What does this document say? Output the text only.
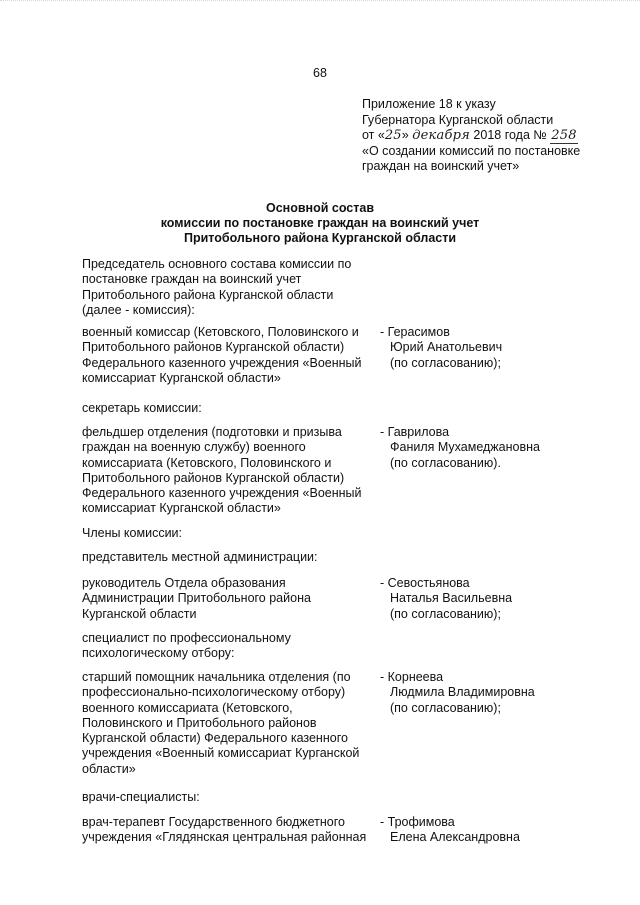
68
Приложение 18 к указу
Губернатора Курганской области
от «25» декабря 2018 года № 258
«О создании комиссий по постановке
граждан на воинский учет»
Основной состав
комиссии по постановке граждан на воинский учет
Притобольного района Курганской области
Председатель основного состава комиссии по
постановке граждан на воинский учет
Притобольного района Курганской области
(далее - комиссия):
военный комиссар (Кетовского, Половинского и
Притобольного районов Курганской области)
Федерального казенного учреждения «Военный
комиссариат Курганской области»
- Герасимов
Юрий Анатольевич
(по согласованию);
секретарь комиссии:
фельдшер отделения (подготовки и призыва
граждан на военную службу) военного
комиссариата (Кетовского, Половинского и
Притобольного районов Курганской области)
Федерального казенного учреждения «Военный
комиссариат Курганской области»
- Гаврилова
Фаниля Мухамеджановна
(по согласованию).
Члены комиссии:
представитель местной администрации:
руководитель Отдела образования
Администрации Притобольного района
Курганской области
- Севостьянова
Наталья Васильевна
(по согласованию);
специалист по профессиональному
психологическому отбору:
старший помощник начальника отделения (по
профессионально-психологическому отбору)
военного комиссариата (Кетовского,
Половинского и Притобольного районов
Курганской области) Федерального казенного
учреждения «Военный комиссариат Курганской
области»
- Корнеева
Людмила Владимировна
(по согласованию);
врачи-специалисты:
врач-терапевт Государственного бюджетного
учреждения «Глядянская центральная районная
- Трофимова
Елена Александровна
